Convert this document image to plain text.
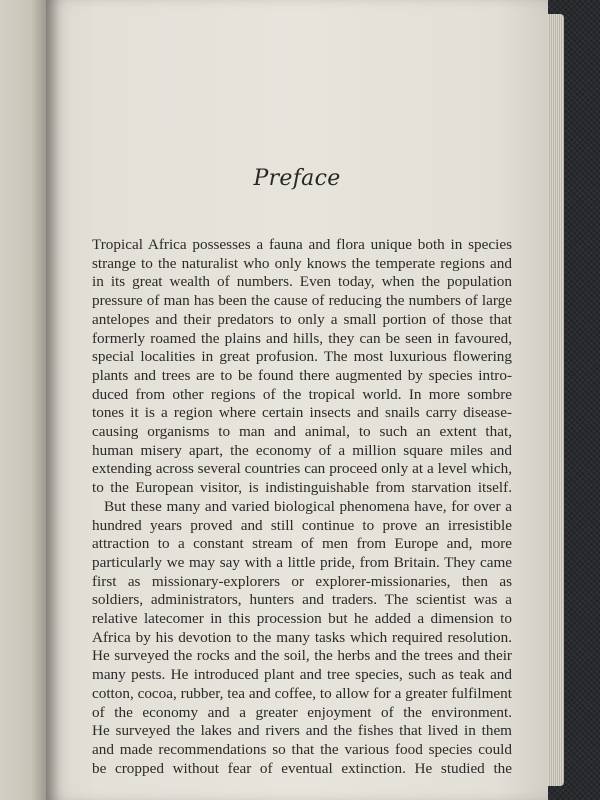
Preface
Tropical Africa possesses a fauna and flora unique both in species
strange to the naturalist who only knows the temperate regions and
in its great wealth of numbers. Even today, when the population
pressure of man has been the cause of reducing the numbers of large
antelopes and their predators to only a small portion of those that
formerly roamed the plains and hills, they can be seen in favoured,
special localities in great profusion. The most luxurious flowering
plants and trees are to be found there augmented by species intro-
duced from other regions of the tropical world. In more sombre
tones it is a region where certain insects and snails carry disease-
causing organisms to man and animal, to such an extent that,
human misery apart, the economy of a million square miles and
extending across several countries can proceed only at a level which,
to the European visitor, is indistinguishable from starvation itself.
But these many and varied biological phenomena have, for over a
hundred years proved and still continue to prove an irresistible
attraction to a constant stream of men from Europe and, more
particularly we may say with a little pride, from Britain. They came
first as missionary-explorers or explorer-missionaries, then as
soldiers, administrators, hunters and traders. The scientist was a
relative latecomer in this procession but he added a dimension to
Africa by his devotion to the many tasks which required resolution.
He surveyed the rocks and the soil, the herbs and the trees and their
many pests. He introduced plant and tree species, such as teak and
cotton, cocoa, rubber, tea and coffee, to allow for a greater fulfilment
of the economy and a greater enjoyment of the environment.
He surveyed the lakes and rivers and the fishes that lived in them
and made recommendations so that the various food species could
be cropped without fear of eventual extinction. He studied the
